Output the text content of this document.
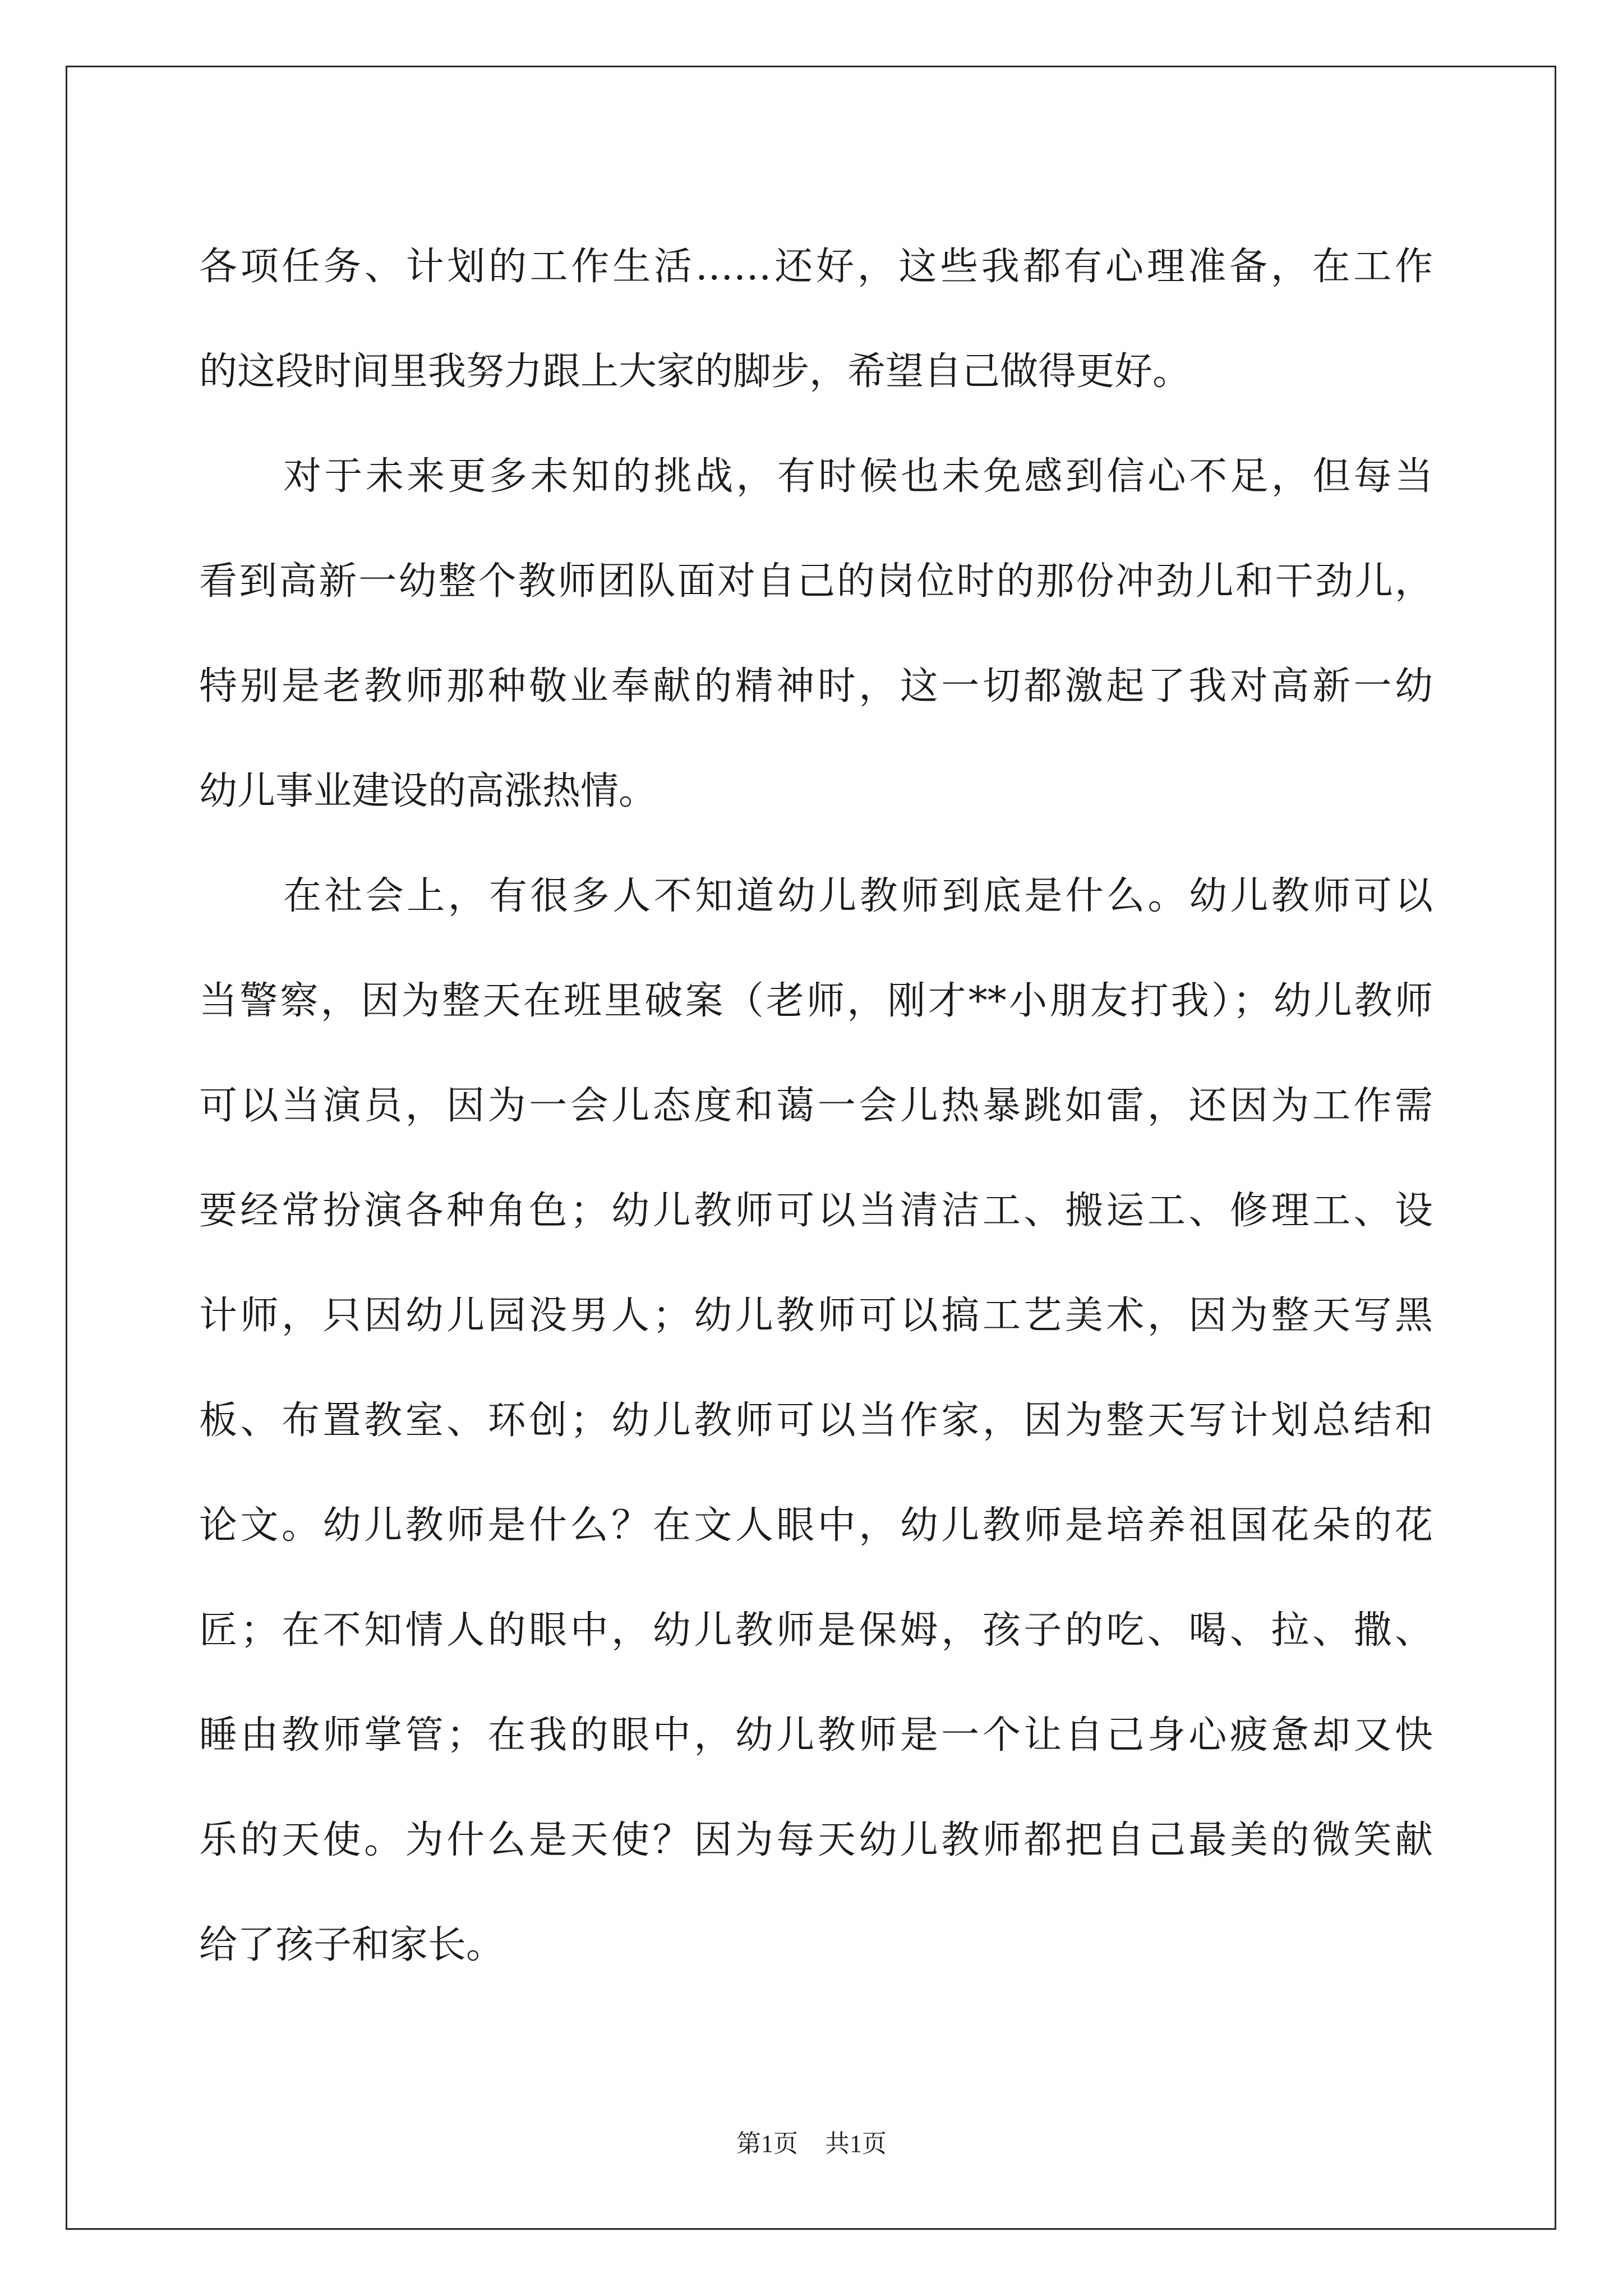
各项任务、计划的工作生活……还好，这些我都有心理准备，在工作
的这段时间里我努力跟上大家的脚步，希望自己做得更好。
对于未来更多未知的挑战，有时候也未免感到信心不足，但每当
看到高新一幼整个教师团队面对自己的岗位时的那份冲劲儿和干劲儿，
特别是老教师那种敬业奉献的精神时，这一切都激起了我对高新一幼
幼儿事业建设的高涨热情。
在社会上，有很多人不知道幼儿教师到底是什么。幼儿教师可以
当警察，因为整天在班里破案（老师，刚才**小朋友打我）；幼儿教师
可以当演员，因为一会儿态度和蔼一会儿热暴跳如雷，还因为工作需
要经常扮演各种角色；幼儿教师可以当清洁工、搬运工、修理工、设
计师，只因幼儿园没男人；幼儿教师可以搞工艺美术，因为整天写黑
板、布置教室、环创；幼儿教师可以当作家，因为整天写计划总结和
论文。幼儿教师是什么？在文人眼中，幼儿教师是培养祖国花朵的花
匠；在不知情人的眼中，幼儿教师是保姆，孩子的吃、喝、拉、撒、
睡由教师掌管；在我的眼中，幼儿教师是一个让自己身心疲惫却又快
乐的天使。为什么是天使？因为每天幼儿教师都把自己最美的微笑献
给了孩子和家长。
第1页 共1页
